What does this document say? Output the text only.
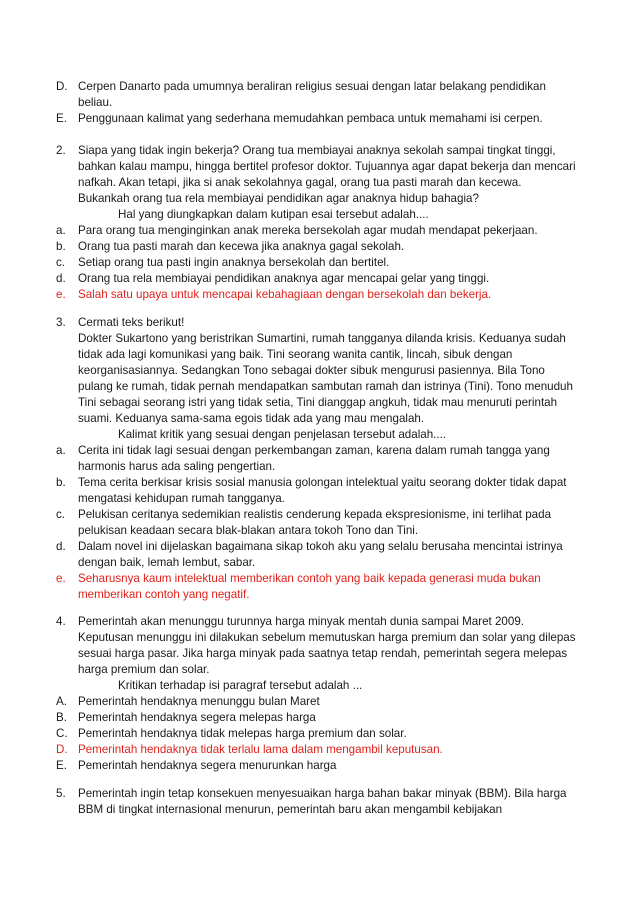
D. Cerpen Danarto pada umumnya beraliran religius sesuai dengan latar belakang pendidikan beliau.
E. Penggunaan kalimat yang sederhana memudahkan pembaca untuk memahami isi cerpen.
2.	Siapa yang tidak ingin bekerja? Orang tua membiayai anaknya sekolah sampai tingkat tinggi, bahkan kalau mampu, hingga bertitel profesor doktor. Tujuannya agar dapat bekerja dan mencari nafkah. Akan tetapi, jika si anak sekolahnya gagal, orang tua pasti marah dan kecewa. Bukankah orang tua rela membiayai pendidikan agar anaknya hidup bahagia?
Hal yang diungkapkan dalam kutipan esai tersebut adalah....
a.	Para orang tua menginginkan anak mereka bersekolah agar mudah mendapat pekerjaan.
b.	Orang tua pasti marah dan kecewa jika anaknya gagal sekolah.
c.	Setiap orang tua pasti ingin anaknya bersekolah dan bertitel.
d.	Orang tua rela membiayai pendidikan anaknya agar mencapai gelar yang tinggi.
e.	Salah satu upaya untuk mencapai kebahagiaan dengan bersekolah dan bekerja.
3.	Cermati teks berikut!
Dokter Sukartono yang beristrikan Sumartini, rumah tangganya dilanda krisis. Keduanya sudah tidak ada lagi komunikasi yang baik. Tini seorang wanita cantik, lincah, sibuk dengan keorganisasiannya. Sedangkan Tono sebagai dokter sibuk mengurusi pasiennya. Bila Tono pulang ke rumah, tidak pernah mendapatkan sambutan ramah dan istrinya (Tini). Tono menuduh Tini sebagai seorang istri yang tidak setia, Tini dianggap angkuh, tidak mau menuruti perintah suami. Keduanya sama-sama egois tidak ada yang mau mengalah.
Kalimat kritik yang sesuai dengan penjelasan tersebut adalah....
a.	Cerita ini tidak lagi sesuai dengan perkembangan zaman, karena dalam rumah tangga yang harmonis harus ada saling pengertian.
b.	Tema cerita berkisar krisis sosial manusia golongan intelektual yaitu seorang dokter tidak dapat mengatasi kehidupan rumah tangganya.
c.	Pelukisan ceritanya sedemikian realistis cenderung kepada ekspresionisme, ini terlihat pada pelukisan keadaan secara blak-blakan antara tokoh Tono dan Tini.
d.	Dalam novel ini dijelaskan bagaimana sikap tokoh aku yang selalu berusaha mencintai istrinya dengan baik, lemah lembut, sabar.
e.	Seharusnya kaum intelektual memberikan contoh yang baik kepada generasi muda bukan memberikan contoh yang negatif.
4.	Pemerintah akan menunggu turunnya harga minyak mentah dunia sampai Maret 2009. Keputusan menunggu ini dilakukan sebelum memutuskan harga premium dan solar yang dilepas sesuai harga pasar. Jika harga minyak pada saatnya tetap rendah, pemerintah segera melepas harga premium dan solar.
Kritikan terhadap isi paragraf tersebut adalah ...
A. Pemerintah hendaknya menunggu bulan Maret
B. Pemerintah hendaknya segera melepas harga
C. Pemerintah hendaknya tidak melepas harga premium dan solar.
D. Pemerintah hendaknya tidak terlalu lama dalam mengambil keputusan.
E. Pemerintah hendaknya segera menurunkan harga
5.	Pemerintah ingin tetap konsekuen menyesuaikan harga bahan bakar minyak (BBM). Bila harga BBM di tingkat internasional menurun, pemerintah baru akan mengambil kebijakan
